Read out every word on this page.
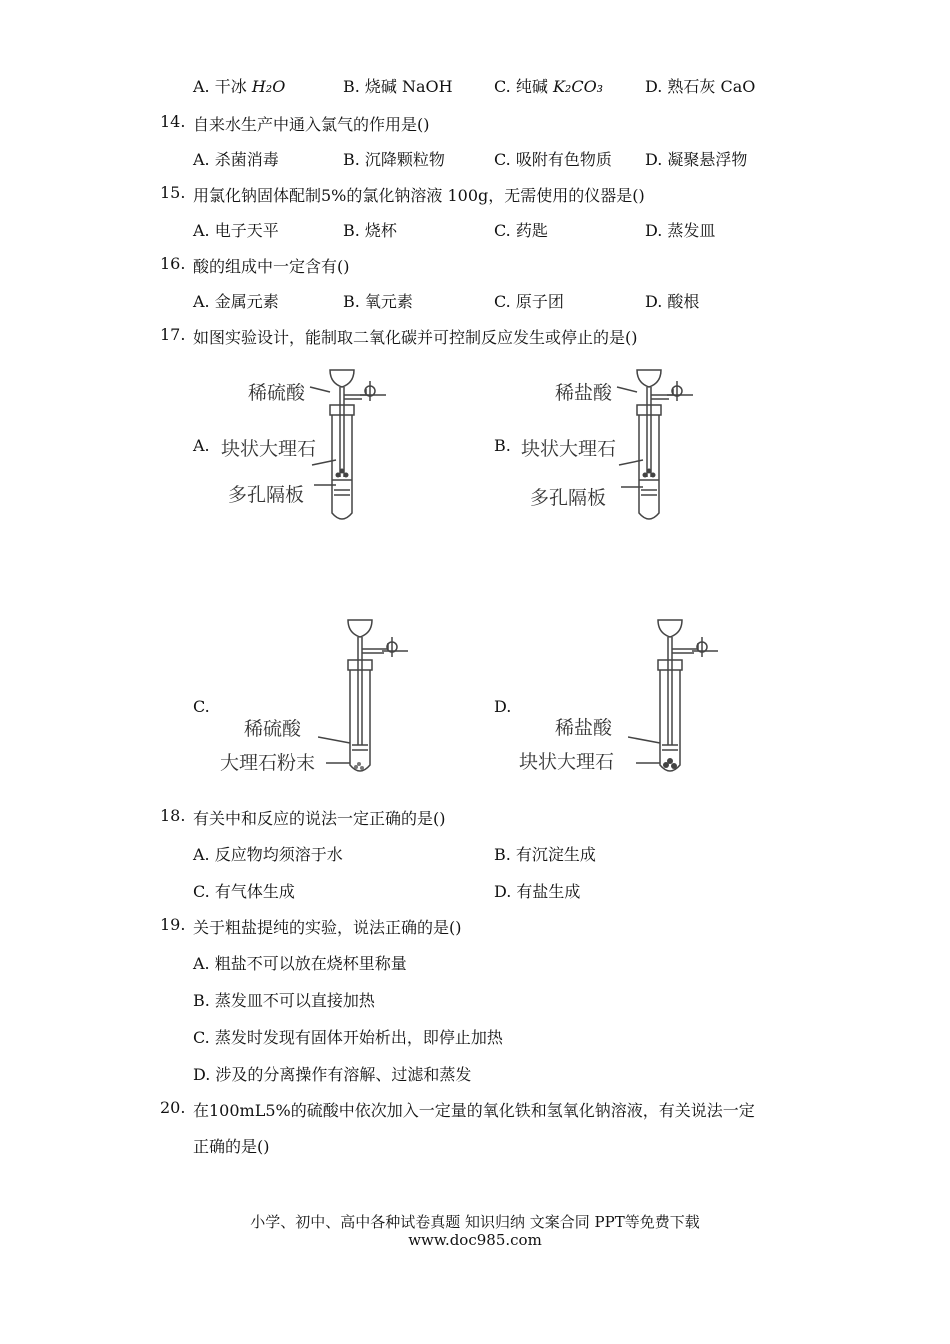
A. 干冰 H₂O	B. 烧碱 NaOH	C. 纯碱 K₂CO₃	D. 熟石灰 CaO
14. 自来水生产中通入氯气的作用是()
A. 杀菌消毒	B. 沉降颗粒物	C. 吸附有色物质 D. 凝聚悬浮物
15. 用氯化钠固体配制5%的氯化钠溶液 100g，无需使用的仪器是()
A. 电子天平	B. 烧杯	C. 药匙	D. 蒸发皿
16. 酸的组成中一定含有()
A. 金属元素	B. 氧元素	C. 原子团	D. 酸根
17. 如图实验设计，能制取二氧化碳并可控制反应发生或停止的是()
A.
稀硫酸
块状大理石
多孔隔板
B.
稀盐酸
块状大理石
多孔隔板
C.
稀硫酸
大理石粉末
D.
稀盐酸
块状大理石
18. 有关中和反应的说法一定正确的是()
A. 反应物均须溶于水	B. 有沉淀生成
C. 有气体生成	D. 有盐生成
19. 关于粗盐提纯的实验，说法正确的是()
A. 粗盐不可以放在烧杯里称量
B. 蒸发皿不可以直接加热
C. 蒸发时发现有固体开始析出，即停止加热
D. 涉及的分离操作有溶解、过滤和蒸发
20. 在100mL5%的硫酸中依次加入一定量的氧化铁和氢氧化钠溶液，有关说法一定
正确的是()
小学、初中、高中各种试卷真题 知识归纳 文案合同 PPT等免费下载
www.doc985.com
